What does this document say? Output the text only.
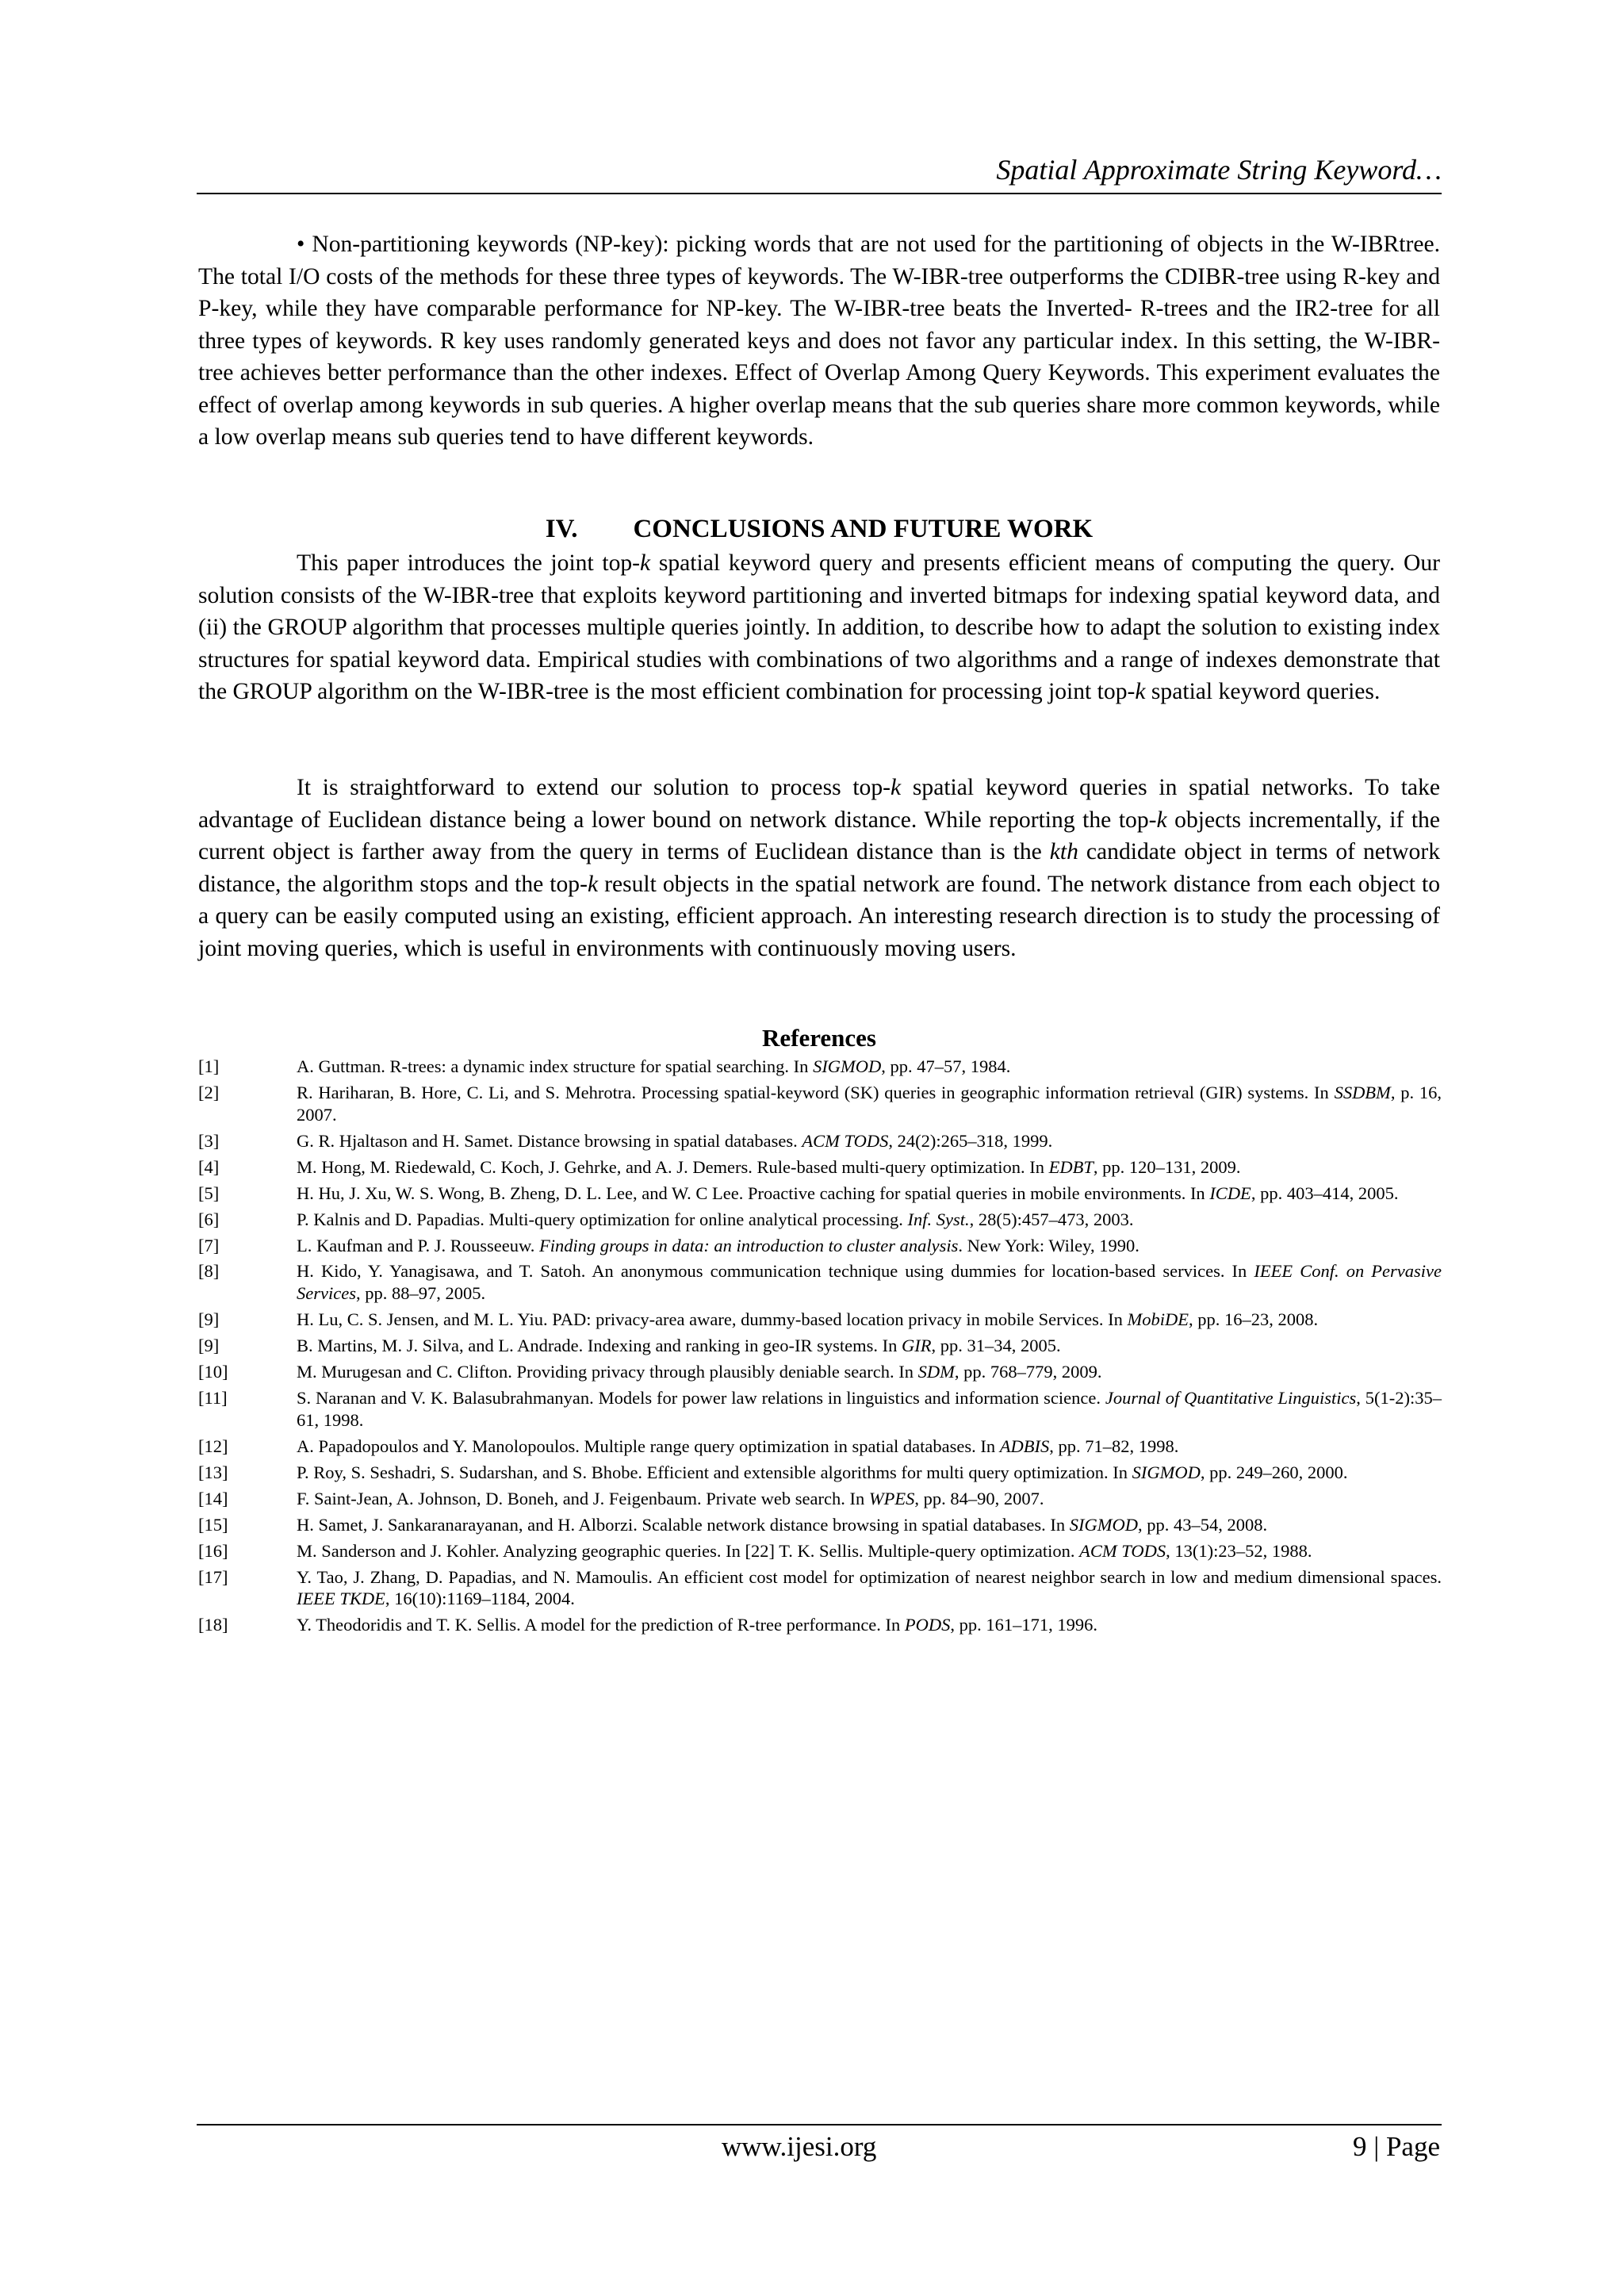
Spatial Approximate String Keyword…

• Non-partitioning keywords (NP-key): picking words that are not used for the partitioning of objects in the W-IBRtree. The total I/O costs of the methods for these three types of keywords. The W-IBR-tree outperforms the CDIBR-tree using R-key and P-key, while they have comparable performance for NP-key. The W-IBR-tree beats the Inverted- R-trees and the IR2-tree for all three types of keywords. R key uses randomly generated keys and does not favor any particular index. In this setting, the W-IBR-tree achieves better performance than the other indexes. Effect of Overlap Among Query Keywords. This experiment evaluates the effect of overlap among keywords in sub queries. A higher overlap means that the sub queries share more common keywords, while a low overlap means sub queries tend to have different keywords.

IV. CONCLUSIONS AND FUTURE WORK

This paper introduces the joint top-k spatial keyword query and presents efficient means of computing the query. Our solution consists of the W-IBR-tree that exploits keyword partitioning and inverted bitmaps for indexing spatial keyword data, and (ii) the GROUP algorithm that processes multiple queries jointly. In addition, to describe how to adapt the solution to existing index structures for spatial keyword data. Empirical studies with combinations of two algorithms and a range of indexes demonstrate that the GROUP algorithm on the W-IBR-tree is the most efficient combination for processing joint top-k spatial keyword queries.

It is straightforward to extend our solution to process top-k spatial keyword queries in spatial networks. To take advantage of Euclidean distance being a lower bound on network distance. While reporting the top-k objects incrementally, if the current object is farther away from the query in terms of Euclidean distance than is the kth candidate object in terms of network distance, the algorithm stops and the top-k result objects in the spatial network are found. The network distance from each object to a query can be easily computed using an existing, efficient approach. An interesting research direction is to study the processing of joint moving queries, which is useful in environments with continuously moving users.

References
[1]	A. Guttman. R-trees: a dynamic index structure for spatial searching. In SIGMOD, pp. 47–57, 1984.
[2]	R. Hariharan, B. Hore, C. Li, and S. Mehrotra. Processing spatial-keyword (SK) queries in geographic information retrieval (GIR) systems. In SSDBM, p. 16, 2007.
[3]	G. R. Hjaltason and H. Samet. Distance browsing in spatial databases. ACM TODS, 24(2):265–318, 1999.
[4]	M. Hong, M. Riedewald, C. Koch, J. Gehrke, and A. J. Demers. Rule-based multi-query optimization. In EDBT, pp. 120–131, 2009.
[5]	H. Hu, J. Xu, W. S. Wong, B. Zheng, D. L. Lee, and W. C Lee. Proactive caching for spatial queries in mobile environments. In ICDE, pp. 403–414, 2005.
[6]	P. Kalnis and D. Papadias. Multi-query optimization for online analytical processing. Inf. Syst., 28(5):457–473, 2003.
[7]	L. Kaufman and P. J. Rousseeuw. Finding groups in data: an introduction to cluster analysis. New York: Wiley, 1990.
[8]	H. Kido, Y. Yanagisawa, and T. Satoh. An anonymous communication technique using dummies for location-based services. In IEEE Conf. on Pervasive Services, pp. 88–97, 2005.
[9]	H. Lu, C. S. Jensen, and M. L. Yiu. PAD: privacy-area aware, dummy-based location privacy in mobile Services. In MobiDE, pp. 16–23, 2008.
[9]	B. Martins, M. J. Silva, and L. Andrade. Indexing and ranking in geo-IR systems. In GIR, pp. 31–34, 2005.
[10]	M. Murugesan and C. Clifton. Providing privacy through plausibly deniable search. In SDM, pp. 768–779, 2009.
[11]	S. Naranan and V. K. Balasubrahmanyan. Models for power law relations in linguistics and information science. Journal of Quantitative Linguistics, 5(1-2):35–61, 1998.
[12]	A. Papadopoulos and Y. Manolopoulos. Multiple range query optimization in spatial databases. In ADBIS, pp. 71–82, 1998.
[13]	P. Roy, S. Seshadri, S. Sudarshan, and S. Bhobe. Efficient and extensible algorithms for multi query optimization. In SIGMOD, pp. 249–260, 2000.
[14]	F. Saint-Jean, A. Johnson, D. Boneh, and J. Feigenbaum. Private web search. In WPES, pp. 84–90, 2007.
[15]	H. Samet, J. Sankaranarayanan, and H. Alborzi. Scalable network distance browsing in spatial databases. In SIGMOD, pp. 43–54, 2008.
[16]	M. Sanderson and J. Kohler. Analyzing geographic queries. In [22] T. K. Sellis. Multiple-query optimization. ACM TODS, 13(1):23–52, 1988.
[17]	Y. Tao, J. Zhang, D. Papadias, and N. Mamoulis. An efficient cost model for optimization of nearest neighbor search in low and medium dimensional spaces. IEEE TKDE, 16(10):1169–1184, 2004.
[18]	Y. Theodoridis and T. K. Sellis. A model for the prediction of R-tree performance. In PODS, pp. 161–171, 1996.
www.ijesi.org	9 | Page
